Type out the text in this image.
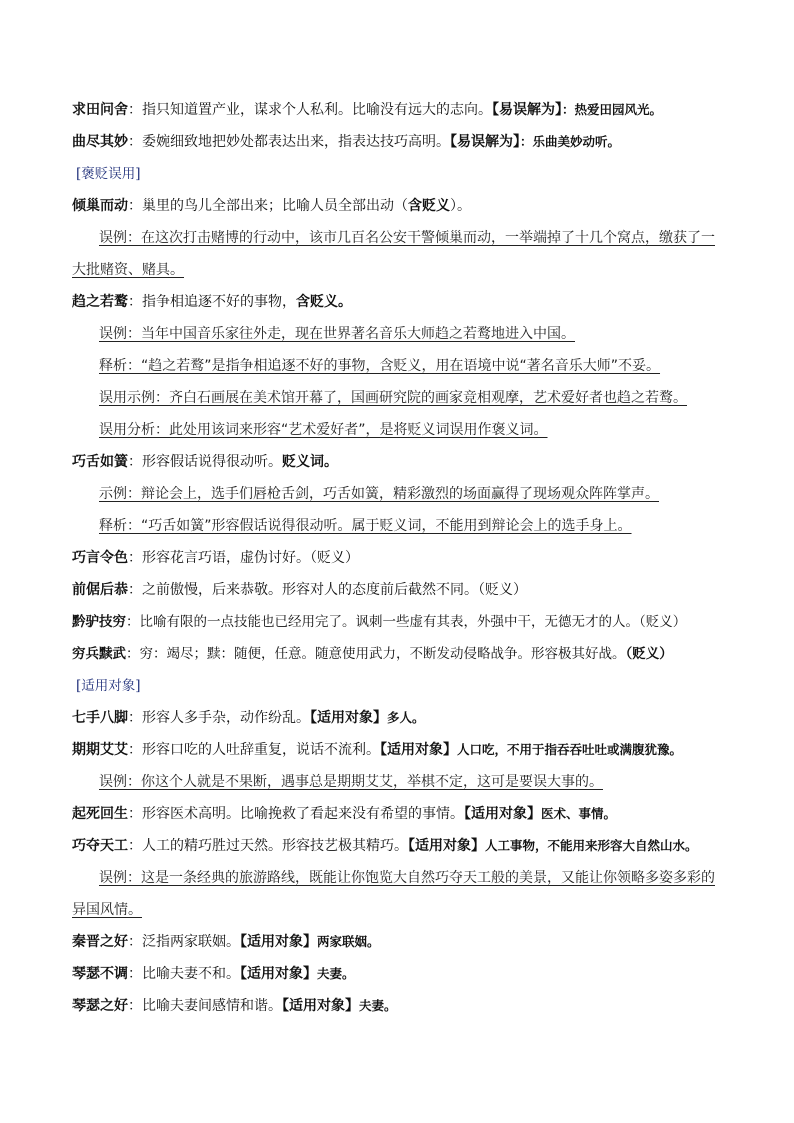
求田问舍：指只知道置产业，谋求个人私利。比喻没有远大的志向。【易误解为】：热爱田园风光。
曲尽其妙：委婉细致地把妙处都表达出来，指表达技巧高明。【易误解为】：乐曲美妙动听。
[褒贬误用]
倾巢而动：巢里的鸟儿全部出来；比喻人员全部出动（含贬义）。
误例：在这次打击赌博的行动中，该市几百名公安干警倾巢而动，一举端掉了十几个窝点，缴获了一
大批赌资、赌具。
趋之若鹜：指争相追逐不好的事物，含贬义。
误例：当年中国音乐家往外走，现在世界著名音乐大师趋之若鹜地进入中国。
释析：“趋之若鹜”是指争相追逐不好的事物，含贬义，用在语境中说“著名音乐大师”不妥。
误用示例：齐白石画展在美术馆开幕了，国画研究院的画家竞相观摩，艺术爱好者也趋之若鹜。
误用分析：此处用该词来形容“艺术爱好者”，是将贬义词误用作褒义词。
巧舌如簧：形容假话说得很动听。贬义词。
示例：辩论会上，选手们唇枪舌剑，巧舌如簧，精彩激烈的场面赢得了现场观众阵阵掌声。
释析：“巧舌如簧”形容假话说得很动听。属于贬义词，不能用到辩论会上的选手身上。
巧言令色：形容花言巧语，虚伪讨好。（贬义）
前倨后恭：之前傲慢，后来恭敬。形容对人的态度前后截然不同。（贬义）
黔驴技穷：比喻有限的一点技能也已经用完了。讽刺一些虚有其表，外强中干，无德无才的人。（贬义）
穷兵黩武：穷：竭尽；黩：随便，任意。随意使用武力，不断发动侵略战争。形容极其好战。（贬义）
[适用对象]
七手八脚：形容人多手杂，动作纷乱。【适用对象】多人。
期期艾艾：形容口吃的人吐辞重复，说话不流利。【适用对象】人口吃，不用于指吞吞吐吐或满腹犹豫。
误例：你这个人就是不果断，遇事总是期期艾艾，举棋不定，这可是要误大事的。
起死回生：形容医术高明。比喻挽救了看起来没有希望的事情。【适用对象】医术、事情。
巧夺天工：人工的精巧胜过天然。形容技艺极其精巧。【适用对象】人工事物，不能用来形容大自然山水。
误例：这是一条经典的旅游路线，既能让你饱览大自然巧夺天工般的美景，又能让你领略多姿多彩的
异国风情。
秦晋之好：泛指两家联姻。【适用对象】两家联姻。
琴瑟不调：比喻夫妻不和。【适用对象】夫妻。
琴瑟之好：比喻夫妻间感情和谐。【适用对象】夫妻。
